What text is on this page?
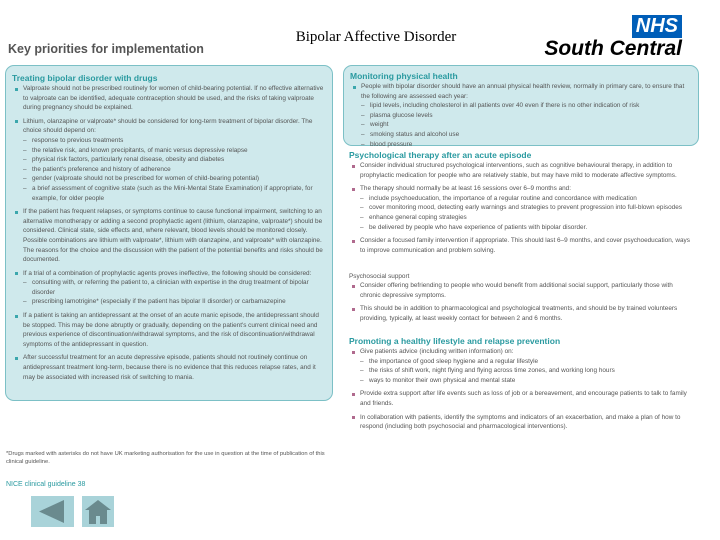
Bipolar Affective Disorder
Key priorities for implementation
NHS
South Central
Treating bipolar disorder with drugs
Valproate should not be prescribed routinely for women of child-bearing potential. If no effective alternative to valproate can be identified, adequate contraception should be used, and the risks of taking valproate during pregnancy should be explained.
Lithium, olanzapine or valproate* should be considered for long-term treatment of bipolar disorder. The choice should depend on:
– response to previous treatments
– the relative risk, and known precipitants, of manic versus depressive relapse
– physical risk factors, particularly renal disease, obesity and diabetes
– the patient's preference and history of adherence
– gender (valproate should not be prescribed for women of child-bearing potential)
– a brief assessment of cognitive state (such as the Mini-Mental State Examination) if appropriate, for example, for older people
If the patient has frequent relapses, or symptoms continue to cause functional impairment, switching to an alternative monotherapy or adding a second prophylactic agent (lithium, olanzapine, valproate*) should be considered. Clinical state, side effects and, where relevant, blood levels should be monitored closely. Possible combinations are lithium with valproate*, lithium with olanzapine, and valproate* with olanzapine. The reasons for the choice and the discussion with the patient of the potential benefits and risks should be documented.
If a trial of a combination of prophylactic agents proves ineffective, the following should be considered:
– consulting with, or referring the patient to, a clinician with expertise in the drug treatment of bipolar disorder
– prescribing lamotrigine* (especially if the patient has bipolar II disorder) or carbamazepine
If a patient is taking an antidepressant at the onset of an acute manic episode, the antidepressant should be stopped. This may be done abruptly or gradually, depending on the patient's current clinical need and previous experience of discontinuation/withdrawal symptoms, and the risk of discontinuation/withdrawal symptoms of the antidepressant in question.
After successful treatment for an acute depressive episode, patients should not routinely continue on antidepressant treatment long-term, because there is no evidence that this reduces relapse rates, and it may be associated with increased risk of switching to mania.
Monitoring physical health
People with bipolar disorder should have an annual physical health review, normally in primary care, to ensure that the following are assessed each year:
– lipid levels, including cholesterol in all patients over 40 even if there is no other indication of risk
– plasma glucose levels
– weight
– smoking status and alcohol use
– blood pressure
Psychological therapy after an acute episode
Consider individual structured psychological interventions, such as cognitive behavioural therapy, in addition to prophylactic medication for people who are relatively stable, but may have mild to moderate affective symptoms.
The therapy should normally be at least 16 sessions over 6–9 months and:
– include psychoeducation, the importance of a regular routine and concordance with medication
– cover monitoring mood, detecting early warnings and strategies to prevent progression into full-blown episodes
– enhance general coping strategies
– be delivered by people who have experience of patients with bipolar disorder.
Consider a focused family intervention if appropriate. This should last 6–9 months, and cover psychoeducation, ways to improve communication and problem solving.
Psychosocial support
Consider offering befriending to people who would benefit from additional social support, particularly those with chronic depressive symptoms.
This should be in addition to pharmacological and psychological treatments, and should be by trained volunteers providing, typically, at least weekly contact for between 2 and 6 months.
Promoting a healthy lifestyle and relapse prevention
Give patients advice (including written information) on:
– the importance of good sleep hygiene and a regular lifestyle
– the risks of shift work, night flying and flying across time zones, and working long hours
– ways to monitor their own physical and mental state
Provide extra support after life events such as loss of job or a bereavement, and encourage patients to talk to family and friends.
In collaboration with patients, identify the symptoms and indicators of an exacerbation, and make a plan of how to respond (including both psychosocial and pharmacological interventions).
*Drugs marked with asterisks do not have UK marketing authorisation for the use in question at the time of publication of this clinical guideline.
NICE clinical guideline 38
